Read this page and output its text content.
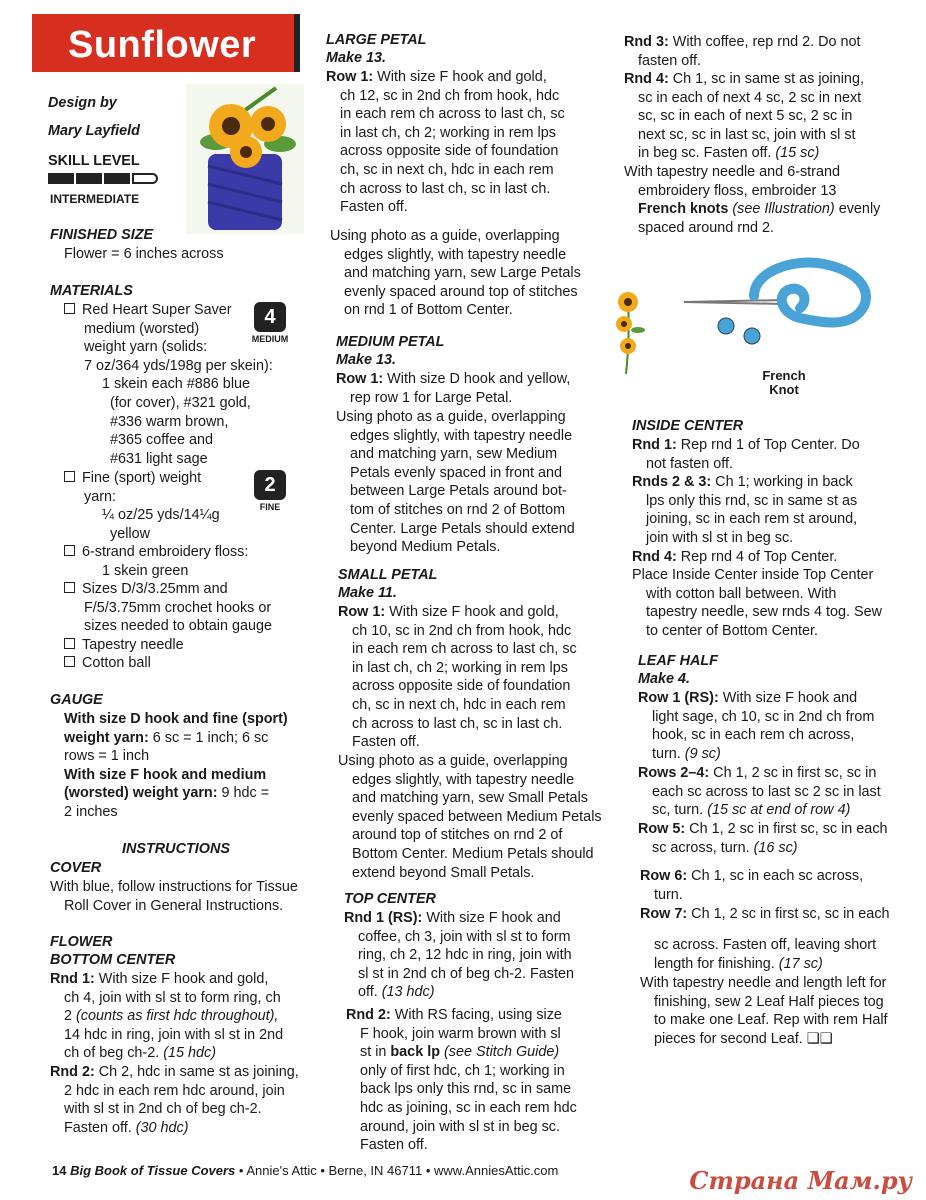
Sunflower
Design by
Mary Layfield
SKILL LEVEL
INTERMEDIATE
FINISHED SIZE
Flower = 6 inches across
MATERIALS
Red Heart Super Saver
medium (worsted)
weight yarn (solids:
7 oz/364 yds/198g per skein):
1 skein each #886 blue
(for cover), #321 gold,
#336 warm brown,
#365 coffee and
#631 light sage
4
MEDIUM
Fine (sport) weight
yarn:
¼ oz/25 yds/14¼g
yellow
2
FINE
6-strand embroidery floss:
1 skein green
Sizes D/3/3.25mm and
F/5/3.75mm crochet hooks or
sizes needed to obtain gauge
Tapestry needle
Cotton ball
GAUGE
With size D hook and fine (sport)
weight yarn: 6 sc = 1 inch; 6 sc
rows = 1 inch
With size F hook and medium
(worsted) weight yarn: 9 hdc =
2 inches
INSTRUCTIONS
COVER
With blue, follow instructions for Tissue
Roll Cover in General Instructions.
FLOWER
BOTTOM CENTER
Rnd 1: With size F hook and gold,
ch 4, join with sl st to form ring, ch
2 (counts as first hdc throughout),
14 hdc in ring, join with sl st in 2nd
ch of beg ch-2. (15 hdc)
Rnd 2: Ch 2, hdc in same st as joining,
2 hdc in each rem hdc around, join
with sl st in 2nd ch of beg ch-2.
Fasten off. (30 hdc)
LARGE PETAL
Make 13.
Row 1: With size F hook and gold,
ch 12, sc in 2nd ch from hook, hdc
in each rem ch across to last ch, sc
in last ch, ch 2; working in rem lps
across opposite side of foundation
ch, sc in next ch, hdc in each rem
ch across to last ch, sc in last ch.
Fasten off.
Using photo as a guide, overlapping
edges slightly, with tapestry needle
and matching yarn, sew Large Petals
evenly spaced around top of stitches
on rnd 1 of Bottom Center.
MEDIUM PETAL
Make 13.
Row 1: With size D hook and yellow,
rep row 1 for Large Petal.
Using photo as a guide, overlapping
edges slightly, with tapestry needle
and matching yarn, sew Medium
Petals evenly spaced in front and
between Large Petals around bot-
tom of stitches on rnd 2 of Bottom
Center. Large Petals should extend
beyond Medium Petals.
SMALL PETAL
Make 11.
Row 1: With size F hook and gold,
ch 10, sc in 2nd ch from hook, hdc
in each rem ch across to last ch, sc
in last ch, ch 2; working in rem lps
across opposite side of foundation
ch, sc in next ch, hdc in each rem
ch across to last ch, sc in last ch.
Fasten off.
Using photo as a guide, overlapping
edges slightly, with tapestry needle
and matching yarn, sew Small Petals
evenly spaced between Medium Petals
around top of stitches on rnd 2 of
Bottom Center. Medium Petals should
extend beyond Small Petals.
TOP CENTER
Rnd 1 (RS): With size F hook and
coffee, ch 3, join with sl st to form
ring, ch 2, 12 hdc in ring, join with
sl st in 2nd ch of beg ch-2. Fasten
off. (13 hdc)
Rnd 2: With RS facing, using size
F hook, join warm brown with sl
st in back lp (see Stitch Guide)
only of first hdc, ch 1; working in
back lps only this rnd, sc in same
hdc as joining, sc in each rem hdc
around, join with sl st in beg sc.
Fasten off.
Rnd 3: With coffee, rep rnd 2. Do not
fasten off.
Rnd 4: Ch 1, sc in same st as joining,
sc in each of next 4 sc, 2 sc in next
sc, sc in each of next 5 sc, 2 sc in
next sc, sc in last sc, join with sl st
in beg sc. Fasten off. (15 sc)
With tapestry needle and 6-strand
embroidery floss, embroider 13
French knots (see Illustration) evenly
spaced around rnd 2.
French
Knot
INSIDE CENTER
Rnd 1: Rep rnd 1 of Top Center. Do
not fasten off.
Rnds 2 & 3: Ch 1; working in back
lps only this rnd, sc in same st as
joining, sc in each rem st around,
join with sl st in beg sc.
Rnd 4: Rep rnd 4 of Top Center.
Place Inside Center inside Top Center
with cotton ball between. With
tapestry needle, sew rnds 4 tog. Sew
to center of Bottom Center.
LEAF HALF
Make 4.
Row 1 (RS): With size F hook and
light sage, ch 10, sc in 2nd ch from
hook, sc in each rem ch across,
turn. (9 sc)
Rows 2–4: Ch 1, 2 sc in first sc, sc in
each sc across to last sc 2 sc in last
sc, turn. (15 sc at end of row 4)
Row 5: Ch 1, 2 sc in first sc, sc in each
sc across, turn. (16 sc)
Row 6: Ch 1, sc in each sc across,
turn.
Row 7: Ch 1, 2 sc in first sc, sc in each
sc across. Fasten off, leaving short
length for finishing. (17 sc)
With tapestry needle and length left for
finishing, sew 2 Leaf Half pieces tog
to make one Leaf. Rep with rem Half
pieces for second Leaf. ❑❑
14 Big Book of Tissue Covers • Annie's Attic • Berne, IN 46711 • www.AnniesAttic.com	Страна Мам.ру
